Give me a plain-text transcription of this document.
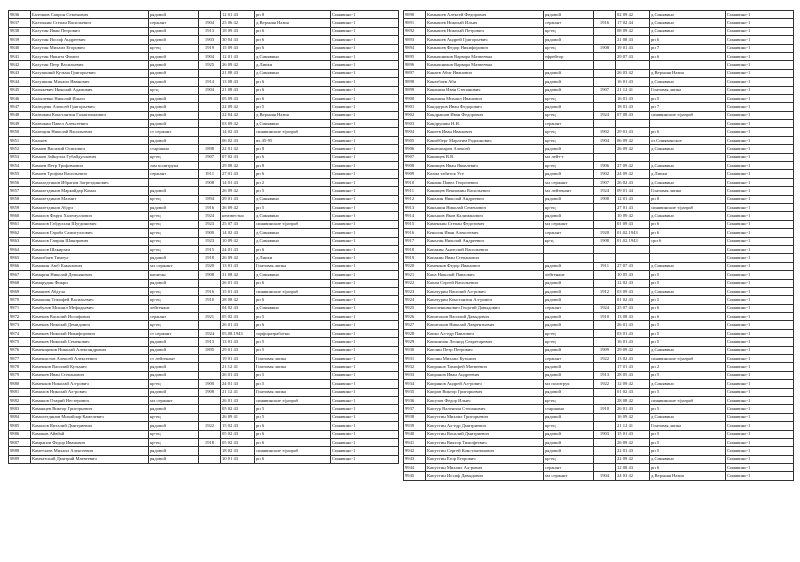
9836	Балтаков Сапрон Семенович	рядовой		12 01 43	рп 8	Синявино-1
9837	Калтыкин Степан Васильевич	сержант	1904	25 06 42	д.Верхняя Назия	Синявино-1
9838	Калугин Иван Петрович	рядовой	1913	18 09 43	рп 6	Синявино-1
9839	Калугин Иосиф Андреевич	рядовой	1903	30 04 43	рп 6	Синявино-1
9840	Калугин Михаил Егорович	кр-ец	1919	15 09 43	рп 6	Синявино-1
9841	Калугин Никита Фомич	рядовой	1904	12 01 43	д.Синявино	Синявино-1
9842	Калугин Петр Васильевич	рядовой	1925	26 09 42	д.Липки	Синявино-1
9843	Калушкинй Кузьма Григорьевич	рядовой		21 08 43	д.Синявино	Синявино-1
9844	Калушкин Михаил Иванович	рядовой	1914	13 08 43	рп 6	Синявино-1
9845	Калыкевич Николай Адамович	кр-ц	1904	21 08 43	рп 6	Синявино-1
9846	Калычевко Николай Ильич	рядовой		05 09 43	рп 6	Синявино-1
9847	Калюдевк Алексей Григорьевич	рядовой		22 09 42	рп 5	Синявино-1
9848	Калюжин Константин Галактионович	рядовой		22 04 42	д.Верхняя Назия	Синявино-1
9849	Калюжин Павел Алексеевич	рядовой		03 09 42	д.Синявино	Синявино-1
9850	Калюцин Николай Васильевич	ст сержант		14 02 43	синявинские т/разраб	Синявино-1
9851	Калыев	рядовой		06 02 43	вх 45-95	Синявино-1
9852	Камаев Василий Осипович	старшина	1898	22 01 42	рп 8	Синявино-1
9853	Камаев Зайнулла Губайдуллович	кр-ец	1907	07 02 43	рп 6	Синявино-1
9854	Камаев Петр Трофимович	зам политрука		29 08 42	рп 8	Синявино-1
9855	Камаев Трофим Васильевич	сержант	1911	27 01 43	рп 6	Синявино-1
9856	Камаледтинов Ибрагим Загретдинович		1908	14 01 43	рп 2	Синявино-1
9857	Камалетдинов Маркайдар Камал	рядовой		26 09 42	рп 5	Синявино-1
9858	Камалетдинов Мазмит	кр-ец	1894	29 01 43	д.Синявино	Синявино-1
9859	Камалетдинов Абдул	рядовой	1916	26 09 42	рп 5	Синявино-1
9860	Камалов Фарук Халемуллович	кр-ец	1924	неизвестно	д.Синявино	Синявино-1
9861	Камалов Габдулхан Шугдинович	кр-ец	1923	25 07 43	синявинские т/разраб	Синявино-1
9862	Камалов Гараба Самигуллович	кр-ец	1900	14 02 43	д.Синявино	Синявино-1
9863	Камалов Гамран Шакирович	кр-ец	1923	10 09 42	д.Синявино	Синявино-1
9864	Камалов Шакирзан	кр-ец	1915	24 01 43	рп 6	Синявино-1
9865	Камалбаев Тимеул	рядовой	1918	26 09 42	д.Липки	Синявино-1
9866	Каманин Аюб Камалович	мл сержант	1920	13 01 43	Гонтовая липка	Синявино-1
9867	Камарин Николай Демьянович	капитан	1908	31 08 42	д.Синявино	Синявино-1
9868	Камарудин Фикри	рядовой		26 01 43	рп 6	Синявино-1
9869	Камашев Абдула	кр-ец	1916	15 01 43	синявинские т/разраб	Синявино-1
9870	Камашин Тимофей Васильевич	кр-ец	1910	28 08 42	рп 6	Синявино-1
9871	Камбулов Михаил Мефодьевич	лейтенант		04 02 43	д.Синявино	Синявино-1
9872	Каменев Василий Иосифович	сержант	1921	05 02 43	рп 5	Синявино-1
9873	Каменев Николай Демидович	кр-ец		26 01 43	рп 6	Синявино-1
9874	Каменев Николай Никифорович	ст сержант	1924	05.08.1943	торфоразработки	Синявино-1
9875	Каменев Николай Семенович	рядовой	1913	13 01 43	рп 5	Синявино-1
9876	Каменщиков Николай Александрович	рядовой	1895	29 01 43	рп 5	Синявино-1
9877	Каменистов Алексей Алексеевич	ст лейтенант		19 01 43	Гонтовая липка	Синявино-1
9878	Каменков Василий Кузьмич	рядовой		21 12 41	Гонтовая липка	Синявино-1
9879	Каменев Иван Степанович	рядовой		26 01 43	рп 5	Синявино-1
9880	Каменков Николай Ал-рович	кр-ец	1900	24 01 43	рп 5	Синявино-1
9881	Камалов Николай Ал-рович	рядовой	1908	21 12 41	Гонтовая липка	Синявино-1
9882	Каманов Отарий Нестерович	мл сержант		26 01 43	синявинские т/разраб	Синявино-1
9883	Каманцев Виктор Григорьевич	рядовой		05 02 43	рп 5	Синявино-1
9884	Камолетдинов Михайлар Камелевич	кр-ец		26 09 41	рп 5	Синявино-1
9885	Камалов Виталий Дмитриевич	рядовой	1922	15 02 43	рп 6	Синявино-1
9886	Камаков Айвбай	кр-ец		05 02 43	рп 6	Синявино-1
9887	Камрапов Федор Иванович	кр-ец	1918	05 02 43	рп 6	Синявино-1
9888	Каметлаев Михаил Алексеевич	рядовой		18 02 43	синявинские т/разраб	Синявино-1
9889	Камчатский Дмитрий Матвеевич	рядовой		10 01 43	рп 6	Синявино-1
9890	Камышев Алексей Федорович	рядовой		02 09 42	д.Синявино	Синявино-1
9891	Камышев Николай Ильич	сержант	1916	17 02 44	д.Синявино	Синявино-1
9892	Камышев Николай Петрович	кр-ец		08 09 42	д.Синявино	Синявино-1
9893	Камышев Андрей Григорьевич	рядовой		21 08 43	рп 6	Синявино-1
9894	Камышев Федор Никифорович	кр-ец	1908	19 01 43	рп 7	Синявино-1
9895	Камышников Варвара Матвеевна	ефрейтор		29 07 43	рп 6	Синявино-1
9896	Камышников Варвара Матвеевна					Синявино-1
9897	Канаев Абиг Иванович	рядовой		26 03 42	д.Верхняя Назия	Синявино-1
9898	Канатбаев Аби	рядовой		16 01 43	д.Синявино	Синявино-1
9899	Канашин Иван Степанович	рядовой	1907	21 12 41	Гонтовая липка	Синявино-1
9900	Канашин Михаил Иванович	кр-ец		16 01 43	рп 5	Синявино-1
9901	Кандауров Иван Федорович	рядовой		18 01 43	рп 7	Синявино-1
9902	Кандрашов Иван Федорович	кр-ец	1924	07 08 43	синявинские т/разраб	Синявино-1
9903	Кандрушин Н.И.	сержант				Синявино-1
9904	Канеев Иван Иванович	кр-ец	1902	29 01 43	рп 6	Синявино-1
9905	Канибберг Марлеим Родионович	кр-ец	1904	06 09 42	оз.Синявинское	Синявино-1
9906	Канитапаров Алексей	рядовой		26 09 42	д.Синявино	Синявино-1
9907	Канищев В.В.	мл лейт-т				Синявино-1
9908	Канищев Иван Яковлевич	кр-ец	1906	27 09 42	д.Синявино	Синявино-1
9909	Калма табиток Усе	рядовой	1902	24 09 42	д.Липки	Синявино-1
9910	Канаин Павел Георгиевич	мл сержант	1907	26 02 43	д.Синявино	Синявино-1
9911	Канищев Вениамин Васильевич	мл лейтенант	1924	09 01 44	Гонтовая липка	Синявино-1
9912	Каньзин Николай Андреевич	рядовой	1908	12 01 43	рп 8	Синявино-1
9913	Каньшин Николай Семенович	кр-ец		27 01 43	синявинские т/разраб	Синявино-1
9914	Каньшов Яков Калиманович	рядовой		10 09 42	д.Синявино	Синявино-1
9915	Каменкин Степан Федотович	мл сержант		01 09 43	рп 6	Синявино-1
9916	Кеньгин Иван Алексеевич	сержант	1920	01.02.1943	рп 6	Синявино-1
9917	Каньгин Николай Андреевич	кр-ц	1908	01.02.1943	срп 6	Синявино-1
9918	Капакин Анатолий Васильевич					Синявино-1
9919	Капакин Иван Степанович					Синявино-1
9920	Каменков Федор Иванович	рядовой	1911	27 07 43	д.Синявино	Синявино-1
9921	Капа Николай Павлович	лейтенант		10 05 43	рп 5	Синявино-1
9922	Капан Сергей Васильевич	рядовой		12 02 43	рп 5	Синявино-1
9923	Капатурин Василий Ал-рович	рядовой	1912	03 09 43	д.Синявино	Синявино-1
9924	Капатурин Константин Ал-рович	рядовой		01 02 43	рп 5	Синявино-1
9925	Капеленкинович Георгий Давыдович	сержант	1924	25 07 43	рп 6	Синявино-1
9926	Капитонов Василий Давыдович	рядовой	1910	13 08 43	рп 6	Синявино-1
9927	Капитонов Николай Лаврентьевич	рядовой		26 01 43	рп 5	Синявино-1
9928	Капко Ал-едр Павлович	кр-ец		03 01 43	рп 5	Синявино-1
9929	Капкончик Леонид Секретаревич	кр-ец		16 01 43	рп 5	Синявино-1
9930	Каплин Петр Петрович	рядовой	1909	29 09 42	д.Синявино	Синявино-1
9931	Каплин Михаил Кузьмич	сержант	1922	13 02 43	синявинские т/разраб	Синявино-1
9932	Капранов Тимофей Матвеевич	рядовой		17 01 43	рп 2	Синявино-1
9933	Капранов Иван Андреевич	рядовой	1913	28 05 43	рп 5	Синявино-1
9934	Капрянов Андрей Ал-рович	мл политрук	1922	12 09 42	д.Синявино	Синявино-1
9935	Капров Виктор Григорьевич	рядовой		01 02 43	рп 5	Синявино-1
9936	Капулов Федор Ильич	кр-ец		28 08 42	синявинские т/разраб	Синявино-1
9937	Каптур Валентин Степанович	старшина	1910	26 01 43	рп 5	Синявино-1
9938	Капустин Михаил Григорьевич	рядовой		16 09 42	д.Синявино	Синявино-1
9939	Капустин Ал-едр Дмитриевич	кр-ец		21 12 41	Гонтовая липка	Синявино-1
9940	Капустин Василий Дмитриевич	рядовой	1903	15 01 43	рп 5	Синявино-1
9941	Капустин Виктор Тимофеевич	рядовой		26 09 42	рп 5	Синявино-1
9942	Капустин Сергей Константинович	рядовой		22 01 43	рп 5	Синявино-1
9943	Капустин Егор Егорович	кр-ец		22 09 42	д.Синявино	Синявино-1
9944	Капустин Михаил Ал-рович	сержант		12 08 43	рп 6	Синявино-1
9945	Капустин Иосиф Давыдович	мл сержант	1904	24 03 42	д.Верхняя Назия	Синявино-1
